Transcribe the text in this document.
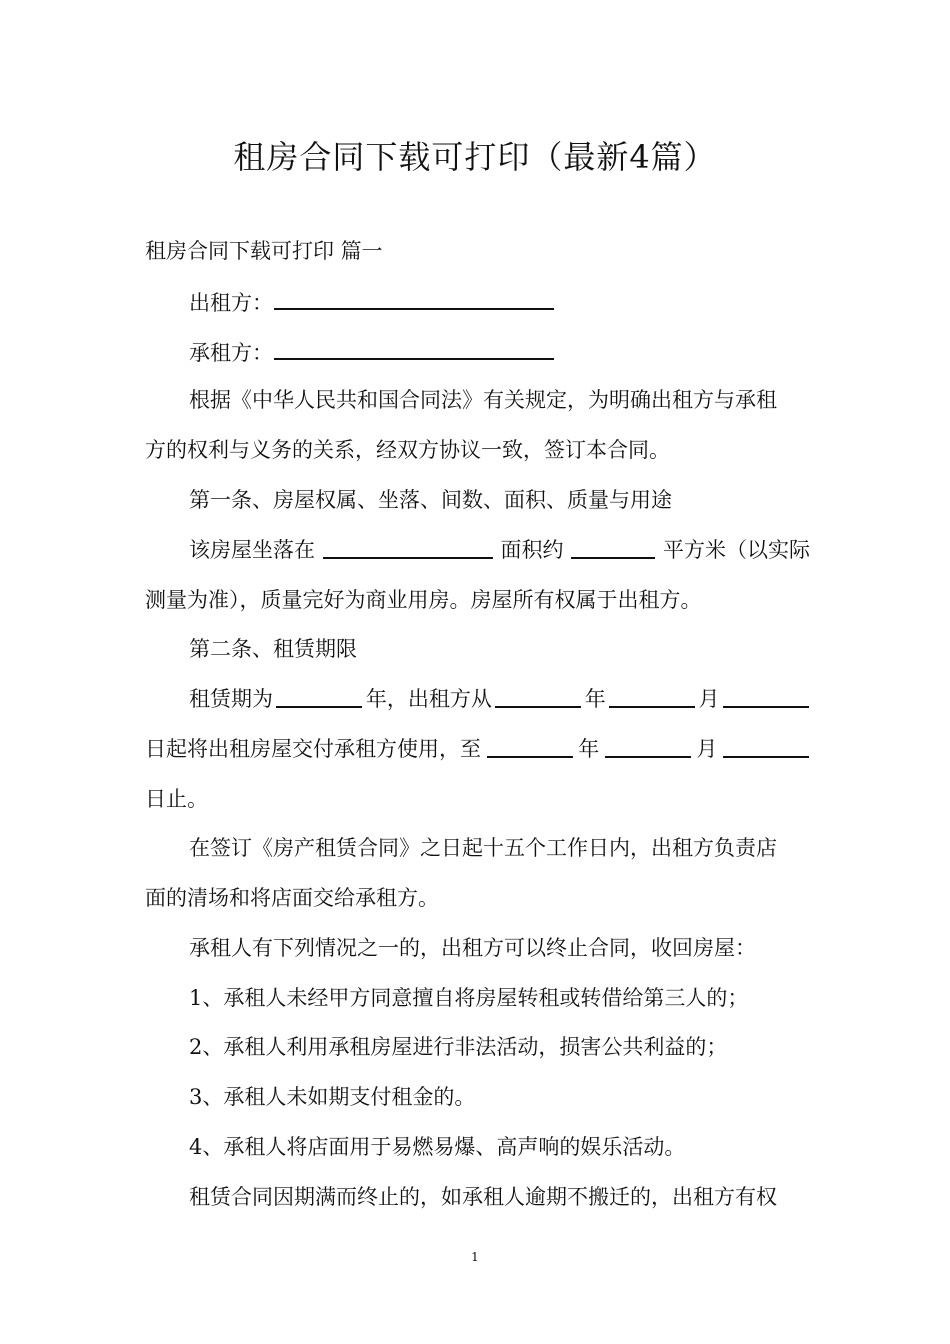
租房合同下载可打印（最新4篇）
租房合同下载可打印 篇一
出租方：
承租方：
根据《中华人民共和国合同法》有关规定，为明确出租方与承租
方的权利与义务的关系，经双方协议一致，签订本合同。
第一条、房屋权属、坐落、间数、面积、质量与用途
该房屋坐落在	面积约	平方米（以实际
测量为准），质量完好为商业用房。房屋所有权属于出租方。
第二条、租赁期限
租赁期为	年，出租方从	年	月
日起将出租房屋交付承租方使用，至	年	月
日止。
在签订《房产租赁合同》之日起十五个工作日内，出租方负责店
面的清场和将店面交给承租方。
承租人有下列情况之一的，出租方可以终止合同，收回房屋：
1、承租人未经甲方同意擅自将房屋转租或转借给第三人的；
2、承租人利用承租房屋进行非法活动，损害公共利益的；
3、承租人未如期支付租金的。
4、承租人将店面用于易燃易爆、高声响的娱乐活动。
租赁合同因期满而终止的，如承租人逾期不搬迁的，出租方有权
1
